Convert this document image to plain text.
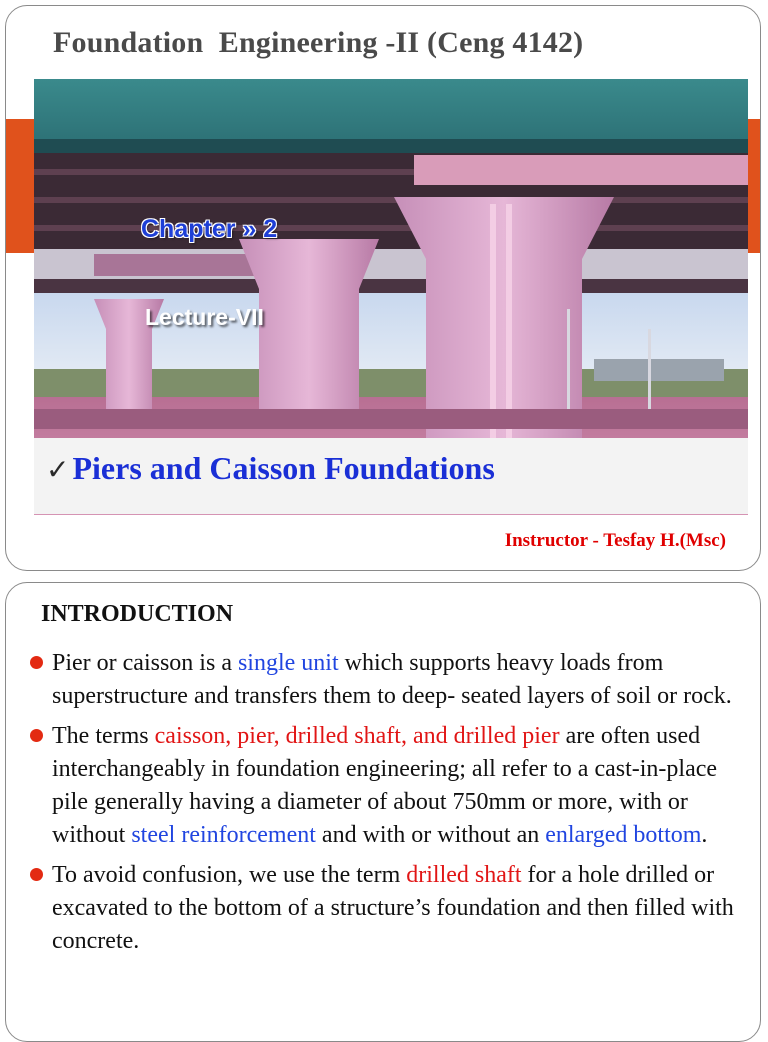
Foundation  Engineering -II (Ceng 4142)
Chapter » 2
Lecture-VII
✓Piers and Caisson Foundations
Instructor - Tesfay H.(Msc)
INTRODUCTION
Pier or caisson is a single unit which supports heavy loads from superstructure and transfers them to deep- seated layers of soil or rock.
The terms caisson, pier, drilled shaft, and drilled pier are often used interchangeably in foundation engineering; all refer to a cast-in-place pile generally having a diameter of about 750mm or more, with or without steel reinforcement and with or without an enlarged bottom.
To avoid confusion, we use the term drilled shaft for a hole drilled or excavated to the bottom of a structure’s foundation and then filled with concrete.
